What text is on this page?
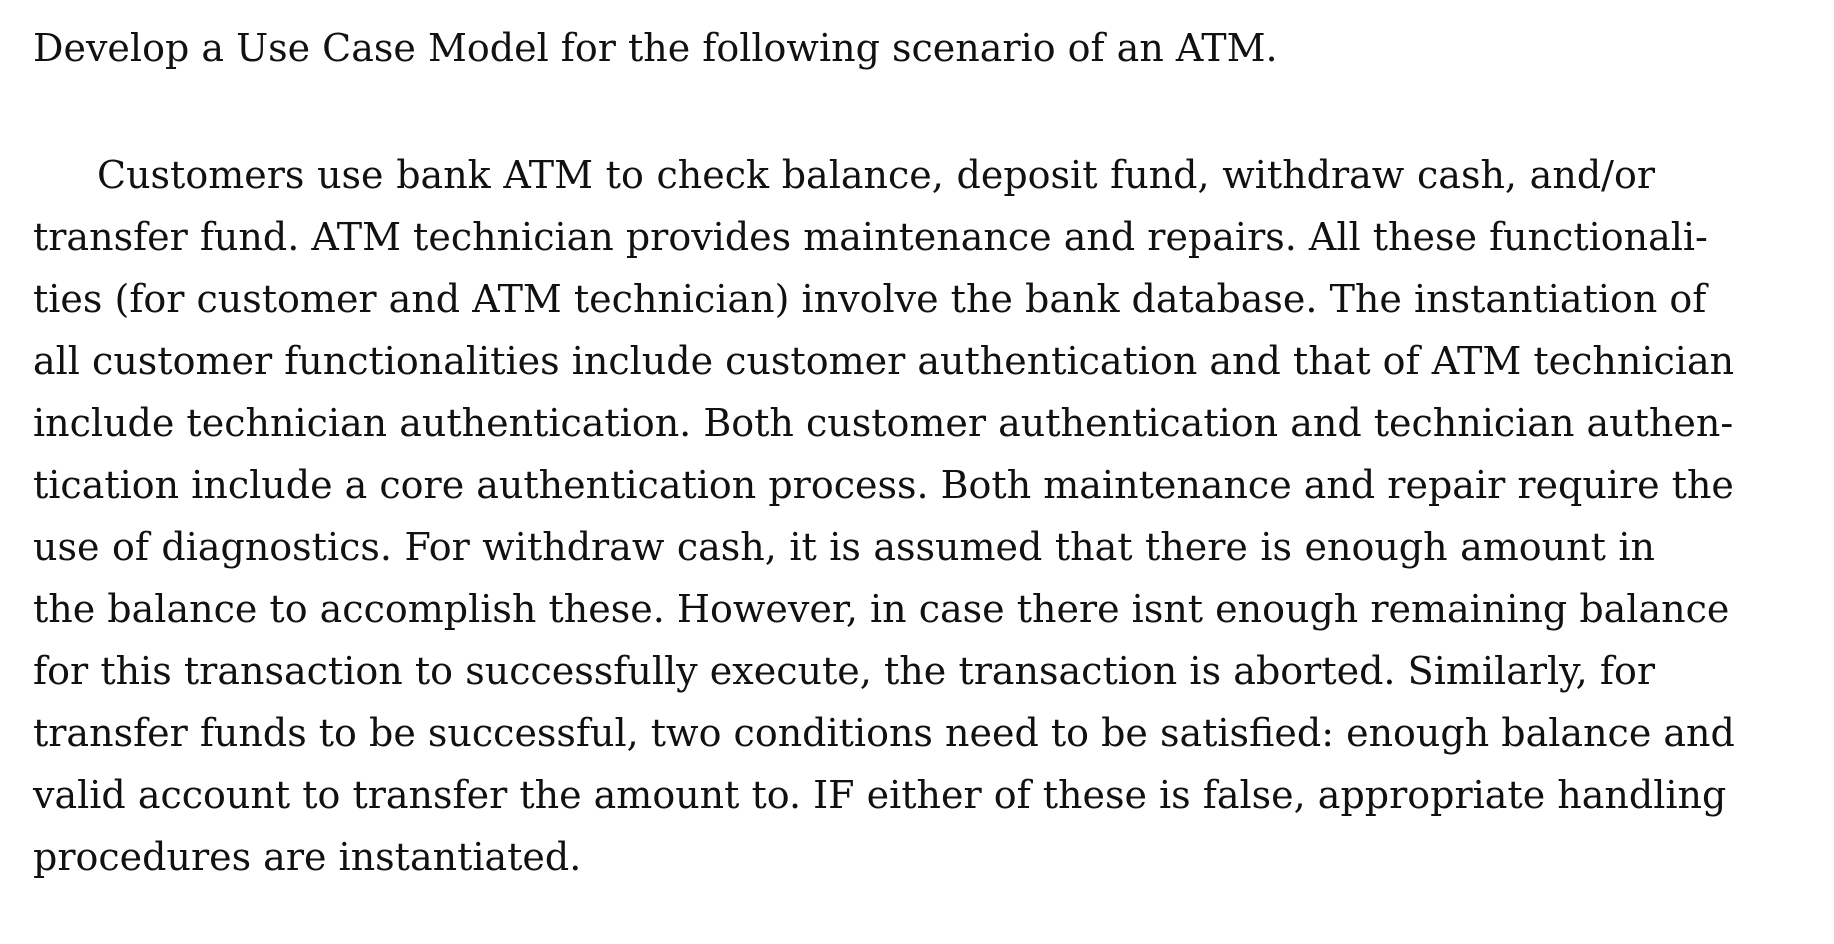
Develop a Use Case Model for the following scenario of an ATM.

Customers use bank ATM to check balance, deposit fund, withdraw cash, and/or
transfer fund. ATM technician provides maintenance and repairs. All these functionali-
ties (for customer and ATM technician) involve the bank database. The instantiation of
all customer functionalities include customer authentication and that of ATM technician
include technician authentication. Both customer authentication and technician authen-
tication include a core authentication process. Both maintenance and repair require the
use of diagnostics. For withdraw cash, it is assumed that there is enough amount in
the balance to accomplish these. However, in case there isnt enough remaining balance
for this transaction to successfully execute, the transaction is aborted. Similarly, for
transfer funds to be successful, two conditions need to be satisfied: enough balance and
valid account to transfer the amount to. IF either of these is false, appropriate handling
procedures are instantiated.
